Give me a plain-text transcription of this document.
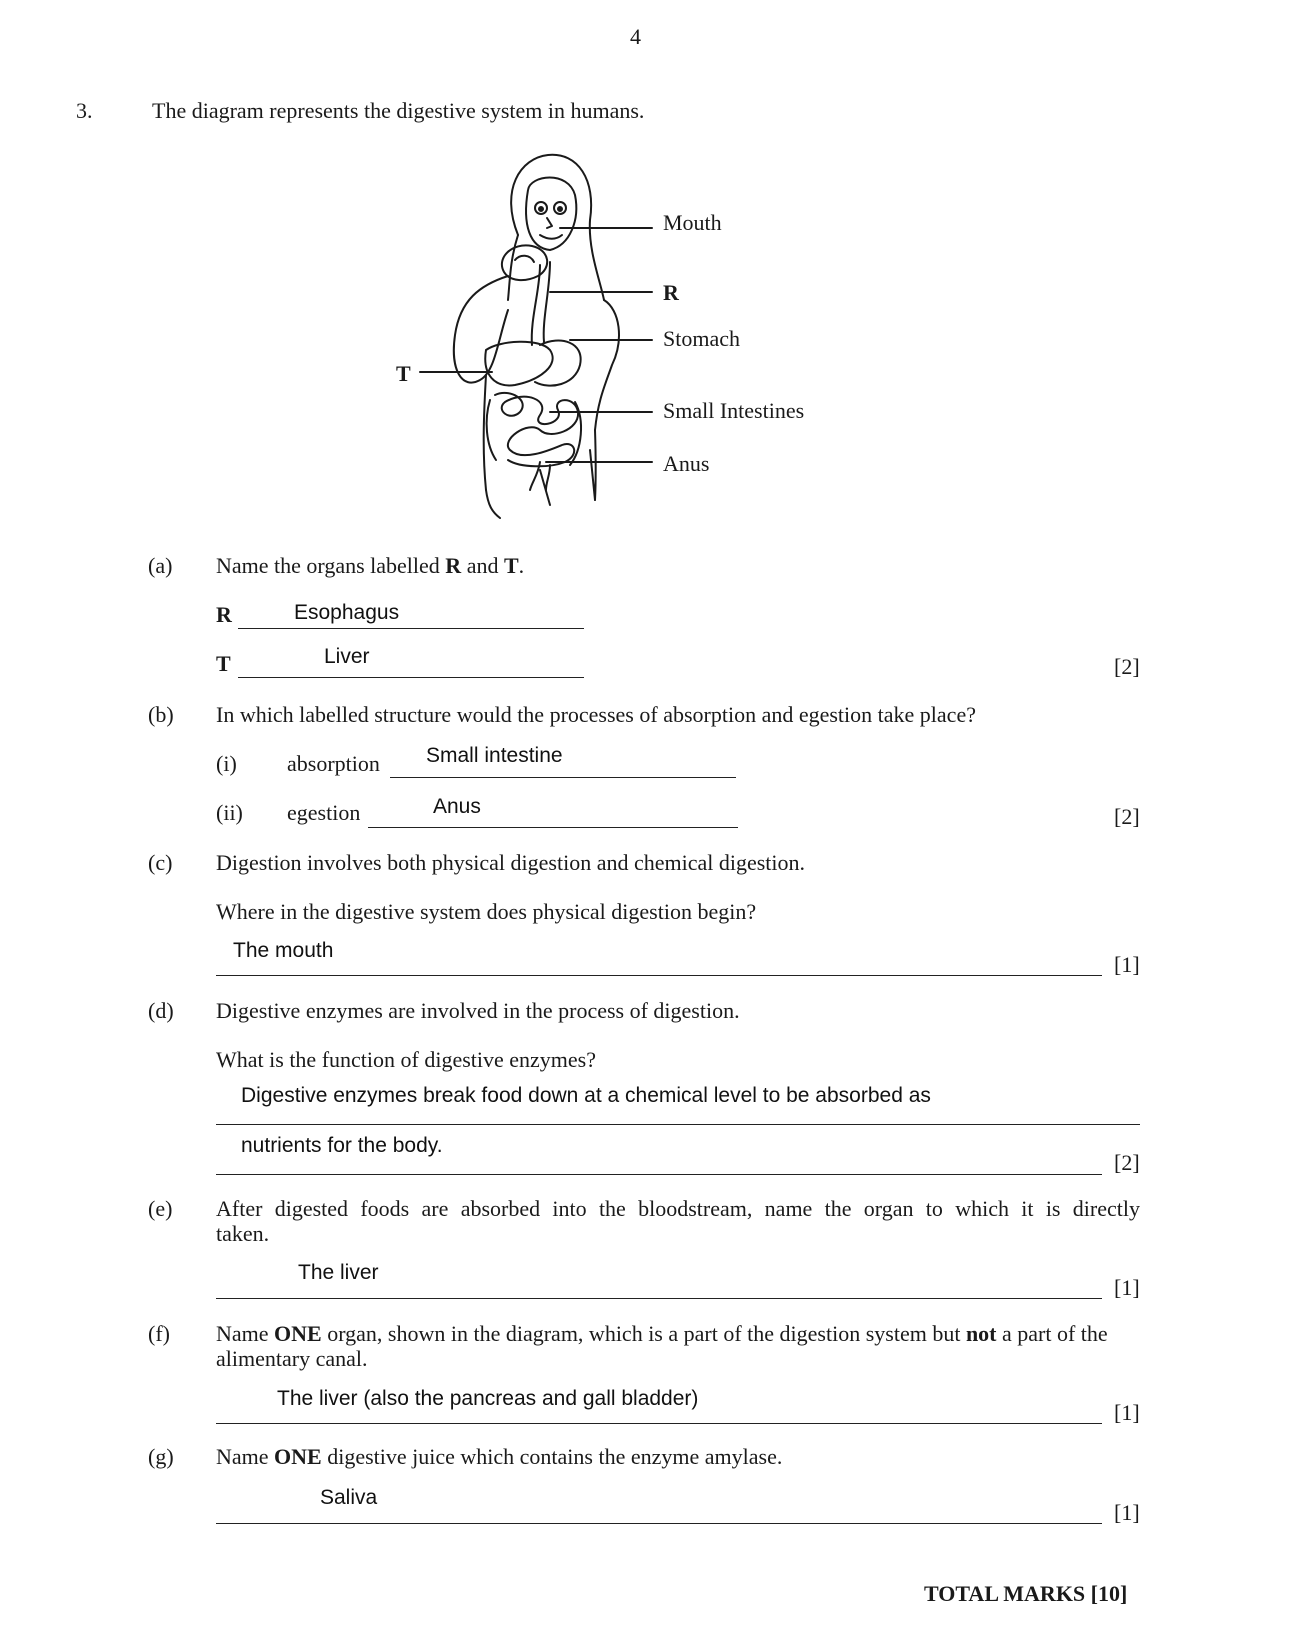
4
3.	The diagram represents the digestive system in humans.
Mouth
R
Stomach
Small Intestines
Anus
T
(a) Name the organs labelled R and T.
R	Esophagus
T	Liver	[2]
(b) In which labelled structure would the processes of absorption and egestion take place?
(i) absorption Small intestine
(ii) egestion	Anus	[2]
(c) Digestion involves both physical digestion and chemical digestion.
Where in the digestive system does physical digestion begin?
The mouth
[1]
(d) Digestive enzymes are involved in the process of digestion.
What is the function of digestive enzymes?
Digestive enzymes break food down at a chemical level to be absorbed as
nutrients for the body.
[2]
(e) After digested foods are absorbed into the bloodstream, name the organ to which it is directly
taken.
The liver
[1]
(f) Name ONE organ, shown in the diagram, which is a part of the digestion system but not a part of the
alimentary canal.
The liver (also the pancreas and gall bladder)
[1]
(g) Name ONE digestive juice which contains the enzyme amylase.
Saliva
[1]
TOTAL MARKS [10]
